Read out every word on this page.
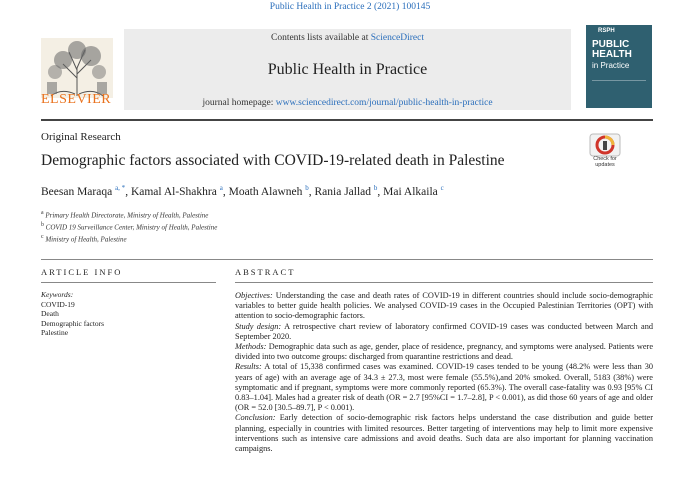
Public Health in Practice 2 (2021) 100145
ELSEVIER
Contents lists available at ScienceDirect
Public Health in Practice
journal homepage: www.sciencedirect.com/journal/public-health-in-practice
RSPH
PUBLIC
HEALTH
in Practice
Original Research
Demographic factors associated with COVID-19-related death in Palestine	Check for updates
Beesan Maraqa $^{a, *}$, Kamal Al-Shakhra $^a$, Moath Alawneh $^b$, Rania Jallad $^b$, Mai Alkaila $^c$
$^a$ Primary Health Directorate, Ministry of Health, Palestine
$^b$ COVID 19 Surveillance Center, Ministry of Health, Palestine
$^c$ Ministry of Health, Palestine
ARTICLE INFO
Keywords:
COVID-19
Death
Demographic factors
Palestine
ABSTRACT

Objectives: Understanding the case and death rates of COVID-19 in different countries should include socio-demographic variables to better guide health policies. We analysed COVID-19 cases in the Occupied Palestinian Territories (OPT) with attention to socio-demographic factors.

Study design: A retrospective chart review of laboratory confirmed COVID-19 cases was conducted between March and September 2020.

Methods: Demographic data such as age, gender, place of residence, pregnancy, and symptoms were analysed. Patients were divided into two outcome groups: discharged from quarantine restrictions and dead.

Results: A total of 15,338 confirmed cases was examined. COVID-19 cases tended to be young (48.2% were less than 30 years of age) with an average age of 34.3 ± 27.3, most were female (55.5%),and 20% smoked. Overall, 5183 (38%) were symptomatic and if pregnant, symptoms were more commonly reported (65.3%). The overall case-fatality was 0.93 [95% CI 0.83–1.04]. Males had a greater risk of death (OR = 2.7 [95%CI = 1.7–2.8], P < 0.001), as did those 60 years of age and older (OR = 52.0 [30.5–89.7], P < 0.001).

Conclusion: Early detection of socio-demographic risk factors helps understand the case distribution and guide better planning, especially in countries with limited resources. Better targeting of interventions may help to limit more expensive interventions such as intensive care admissions and avoid deaths. Such data are also important for planning vaccination campaigns.
